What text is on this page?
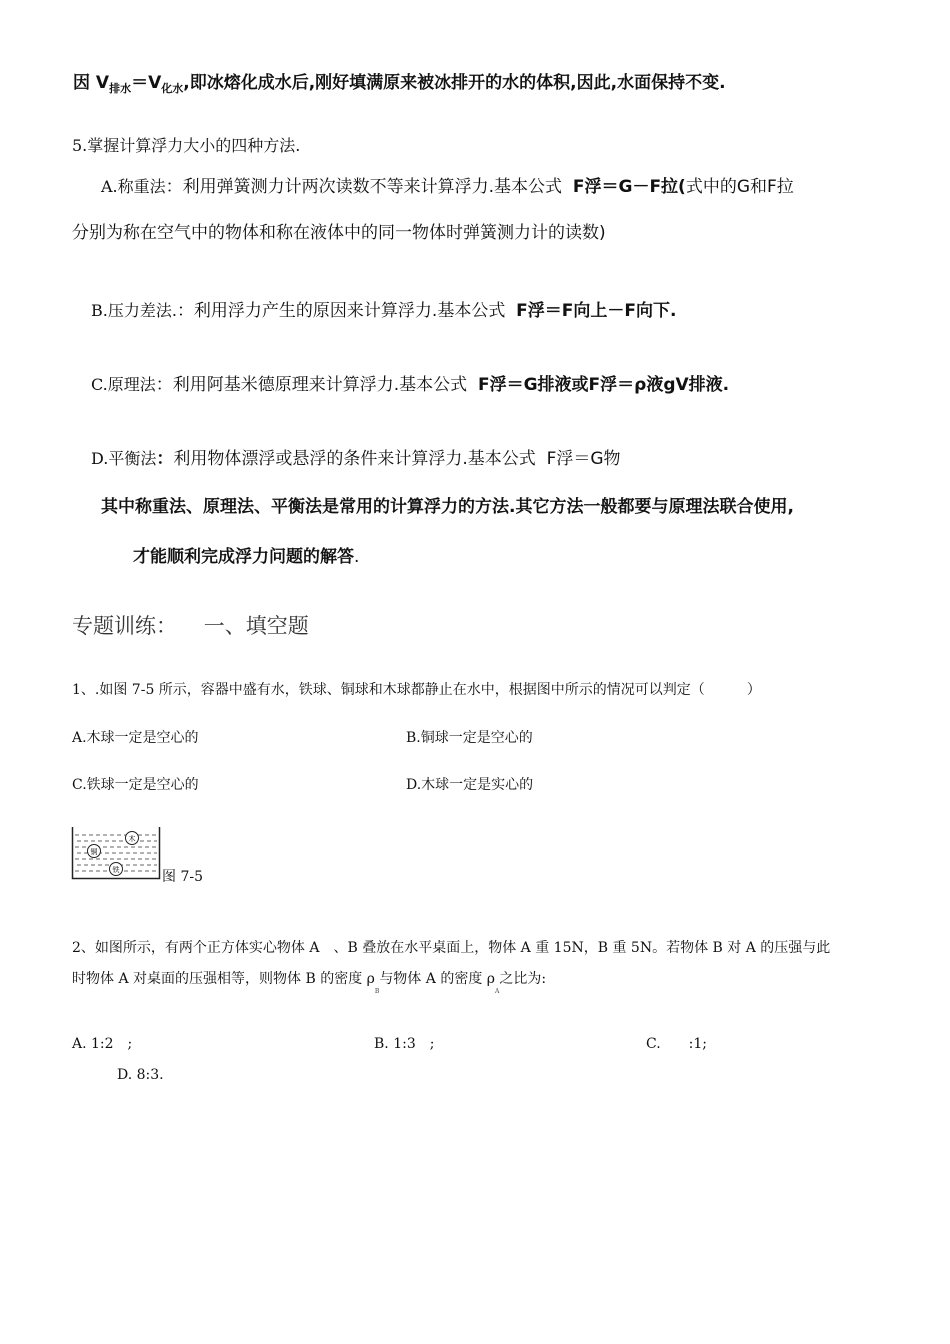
因 $V_{排水}=V_{化水}$,即冰熔化成水后,刚好填满原来被冰排开的水的体积,因此,水面保持不变.
5.掌握计算浮力大小的四种方法.
A.称重法：利用弹簧测力计两次读数不等来计算浮力.基本公式 F浮＝G－F拉(式中的G和F拉
分别为称在空气中的物体和称在液体中的同一物体时弹簧测力计的读数)
B.压力差法.：利用浮力产生的原因来计算浮力.基本公式 F浮＝F向上－F向下.
C.原理法：利用阿基米德原理来计算浮力.基本公式 F浮＝G排液或F浮＝ρ液gV排液.
D.平衡法：利用物体漂浮或悬浮的条件来计算浮力.基本公式 F浮＝G物
其中称重法、原理法、平衡法是常用的计算浮力的方法.其它方法一般都要与原理法联合使用,
才能顺利完成浮力问题的解答.
专题训练： 一、填空题
1、.如图 7-5 所示，容器中盛有水，铁球、铜球和木球都静止在水中，根据图中所示的情况可以判定（	）
A.木球一定是空心的	B.铜球一定是空心的
C.铁球一定是空心的	D.木球一定是实心的
木
铜
铁	图 7-5
2、如图所示，有两个正方体实心物体 A　、B 叠放在水平桌面上，物体 A 重 15N，B 重 5N。若物体 B 对 A 的压强与此
时物体 A 对桌面的压强相等，则物体 B 的密度 $\rho_B$与物体 A 的密度 $\rho_A$之比为:
A. 1:2　;	B. 1:3　;	C.　　:1;
D. 8:3.
